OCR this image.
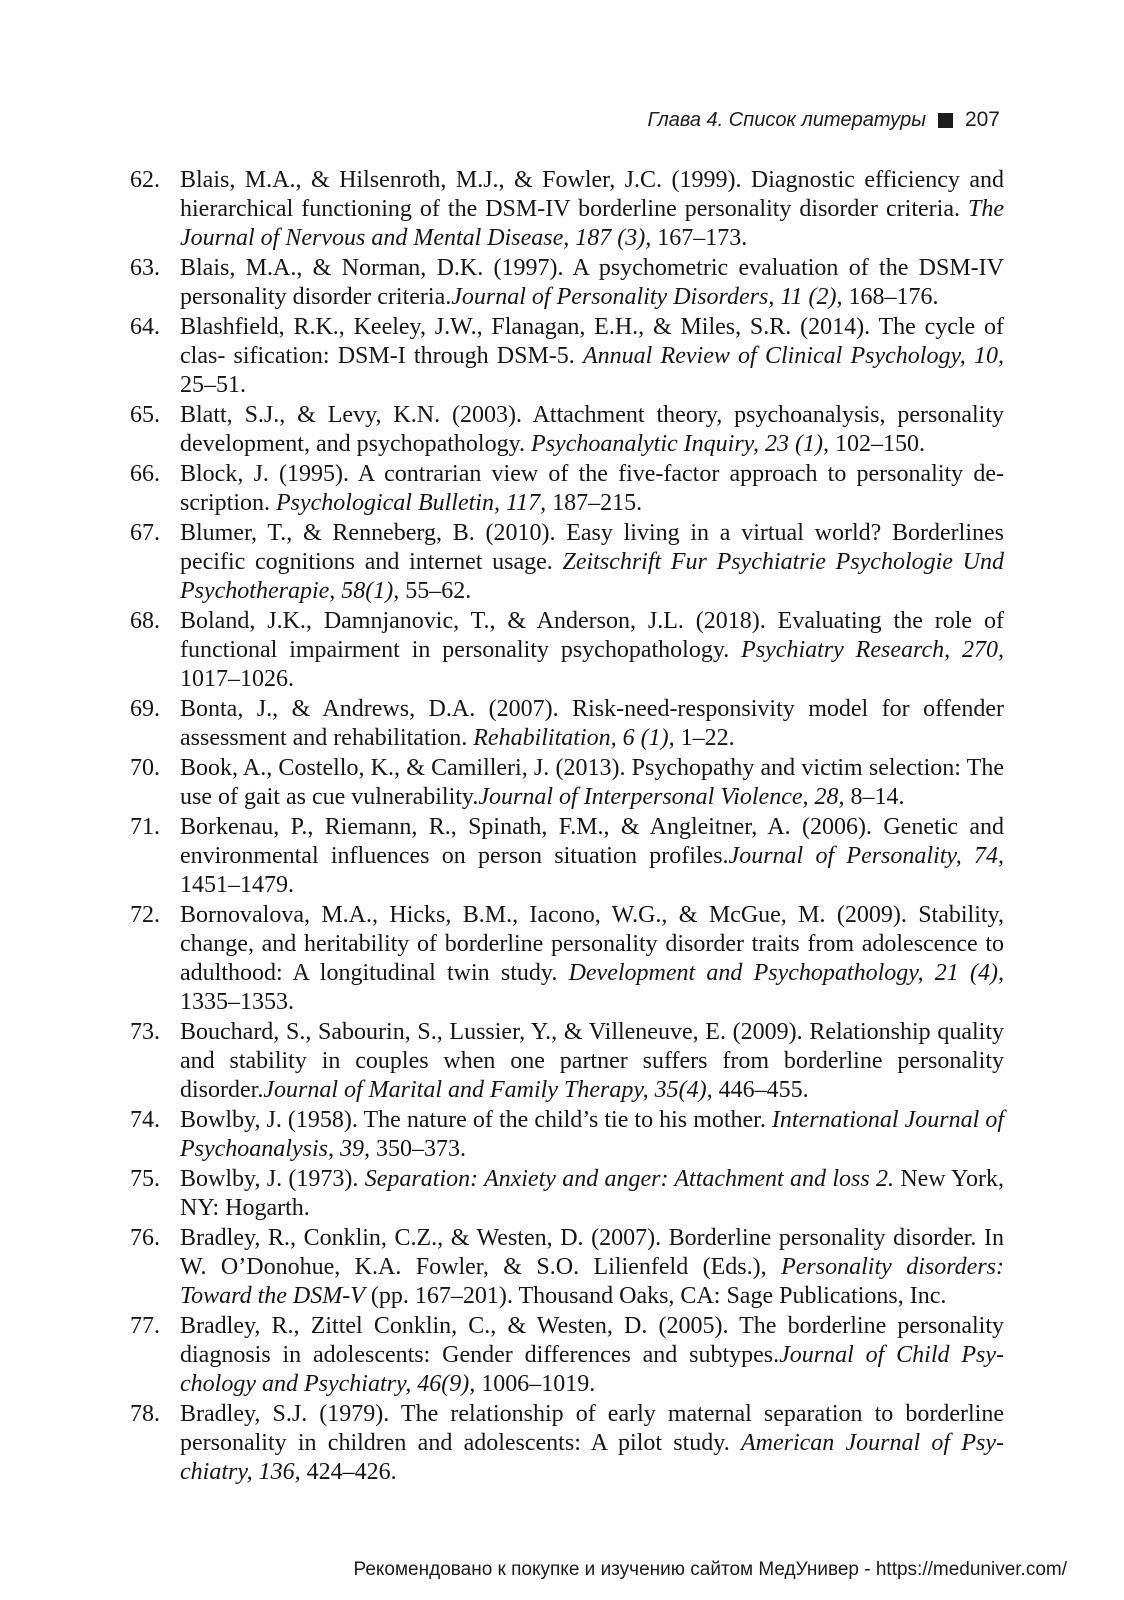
Глава 4. Список литературы 207
62. Blais, M.A., & Hilsenroth, M.J., & Fowler, J.C. (1999). Diagnostic efficiency and hierarchical functioning of the DSM-IV borderline personality disorder criteria. The Journal of Nervous and Mental Disease, 187 (3), 167–173.
63. Blais, M.A., & Norman, D.K. (1997). A psychometric evaluation of the DSM-IV personality disorder criteria.Journal of Personality Disorders, 11 (2), 168–176.
64. Blashfield, R.K., Keeley, J.W., Flanagan, E.H., & Miles, S.R. (2014). The cycle of clas- sification: DSM-I through DSM-5. Annual Review of Clinical Psychology, 10, 25–51.
65. Blatt, S.J., & Levy, K.N. (2003). Attachment theory, psychoanalysis, personality development, and psychopathology. Psychoanalytic Inquiry, 23 (1), 102–150.
66. Block, J. (1995). A contrarian view of the five-factor approach to personality description. Psychological Bulletin, 117, 187–215.
67. Blumer, T., & Renneberg, B. (2010). Easy living in a virtual world? Borderlines pecific cognitions and internet usage. Zeitschrift Fur Psychiatrie Psychologie Und Psychotherapie, 58(1), 55–62.
68. Boland, J.K., Damnjanovic, T., & Anderson, J.L. (2018). Evaluating the role of functional impairment in personality psychopathology. Psychiatry Research, 270, 1017–1026.
69. Bonta, J., & Andrews, D.A. (2007). Risk-need-responsivity model for offender assessment and rehabilitation. Rehabilitation, 6 (1), 1–22.
70. Book, A., Costello, K., & Camilleri, J. (2013). Psychopathy and victim selection: The use of gait as cue vulnerability.Journal of Interpersonal Violence, 28, 8–14.
71. Borkenau, P., Riemann, R., Spinath, F.M., & Angleitner, A. (2006). Genetic and environmental influences on person situation profiles.Journal of Personality, 74, 1451–1479.
72. Bornovalova, M.A., Hicks, B.M., Iacono, W.G., & McGue, M. (2009). Stability, change, and heritability of borderline personality disorder traits from adolescence to adulthood: A longitudinal twin study. Development and Psychopathology, 21 (4), 1335–1353.
73. Bouchard, S., Sabourin, S., Lussier, Y., & Villeneuve, E. (2009). Relationship quality and stability in couples when one partner suffers from borderline personality disorder.Journal of Marital and Family Therapy, 35(4), 446–455.
74. Bowlby, J. (1958). The nature of the child’s tie to his mother. International Journal of Psychoanalysis, 39, 350–373.
75. Bowlby, J. (1973). Separation: Anxiety and anger: Attachment and loss 2. New York, NY: Hogarth.
76. Bradley, R., Conklin, C.Z., & Westen, D. (2007). Borderline personality disorder. In W. O’Donohue, K.A. Fowler, & S.O. Lilienfeld (Eds.), Personality disorders: Toward the DSM-V (pp. 167–201). Thousand Oaks, CA: Sage Publications, Inc.
77. Bradley, R., Zittel Conklin, C., & Westen, D. (2005). The borderline personality diagnosis in adolescents: Gender differences and subtypes.Journal of Child Psychology and Psychiatry, 46(9), 1006–1019.
78. Bradley, S.J. (1979). The relationship of early maternal separation to borderline personality in children and adolescents: A pilot study. American Journal of Psychiatry, 136, 424–426.
Рекомендовано к покупке и изучению сайтом МедУнивер - https://meduniver.com/
